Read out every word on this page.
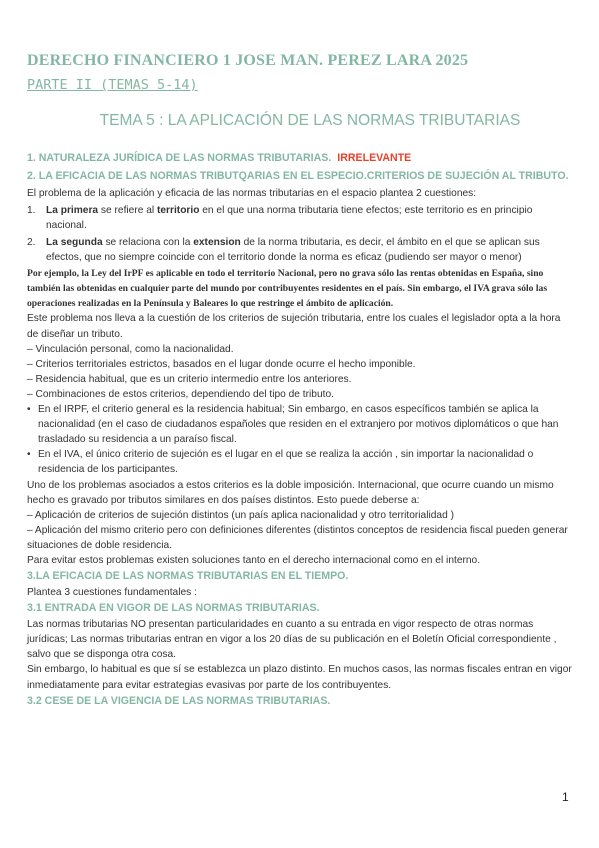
DERECHO FINANCIERO 1 JOSE MAN. PEREZ LARA 2025
PARTE II (TEMAS 5-14)
TEMA 5 : LA APLICACIÓN DE LAS NORMAS TRIBUTARIAS
1. NATURALEZA JURÍDICA DE LAS NORMAS TRIBUTARIAS. IRRELEVANTE
2. LA EFICACIA DE LAS NORMAS TRIBUTQARIAS EN EL ESPECIO.CRITERIOS DE SUJECIÓN AL TRIBUTO.

El problema de la aplicación y eficacia de las normas tributarias en el espacio plantea 2 cuestiones:

1. La primera se refiere al territorio en el que una norma tributaria tiene efectos; este territorio es en principio nacional.
2. La segunda se relaciona con la extension de la norma tributaria, es decir, el ámbito en el que se aplican sus efectos, que no siempre coincide con el territorio donde la norma es eficaz (pudiendo ser mayor o menor)

Por ejemplo, la Ley del IrPF es aplicable en todo el territorio Nacional, pero no grava sólo las rentas obtenidas en España, sino también las obtenidas en cualquier parte del mundo por contribuyentes residentes en el país. Sin embargo, el IVA grava sólo las operaciones realizadas en la Península y Baleares lo que restringe el ámbito de aplicación.

Este problema nos lleva a la cuestión de los criterios de sujeción tributaria, entre los cuales el legislador opta a la hora de diseñar un tributo.

– Vinculación personal, como la nacionalidad.

– Criterios territoriales estrictos, basados en el lugar donde ocurre el hecho imponible.

– Residencia habitual, que es un criterio intermedio entre los anteriores.

– Combinaciones de estos criterios, dependiendo del tipo de tributo.

• En el IRPF, el criterio general es la residencia habitual; Sin embargo, en casos específicos también se aplica la nacionalidad (en el caso de ciudadanos españoles que residen en el extranjero por motivos diplomáticos o que han trasladado su residencia a un paraíso fiscal.
• En el IVA, el único criterio de sujeción es el lugar en el que se realiza la acción , sin importar la nacionalidad o residencia de los participantes.

Uno de los problemas asociados a estos criterios es la doble imposición. Internacional, que ocurre cuando un mismo hecho es gravado por tributos similares en dos países distintos. Esto puede deberse a:

– Aplicación de criterios de sujeción distintos (un país aplica nacionalidad y otro territorialidad )

– Aplicación del mismo criterio pero con definiciones diferentes (distintos conceptos de residencia fiscal pueden generar situaciones de doble residencia.

Para evitar estos problemas existen soluciones tanto en el derecho internacional como en el interno.

3.LA EFICACIA DE LAS NORMAS TRIBUTARIAS EN EL TIEMPO.

Plantea 3 cuestiones fundamentales :

3.1 ENTRADA EN VIGOR DE LAS NORMAS TRIBUTARIAS.

Las normas tributarias NO presentan particularidades en cuanto a su entrada en vigor respecto de otras normas jurídicas; Las normas tributarias entran en vigor a los 20 días de su publicación en el Boletín Oficial correspondiente , salvo que se disponga otra cosa.

Sin embargo, lo habitual es que sí se establezca un plazo distinto. En muchos casos, las normas fiscales entran en vigor inmediatamente para evitar estrategias evasivas por parte de los contribuyentes.

3.2 CESE DE LA VIGENCIA DE LAS NORMAS TRIBUTARIAS.
1
